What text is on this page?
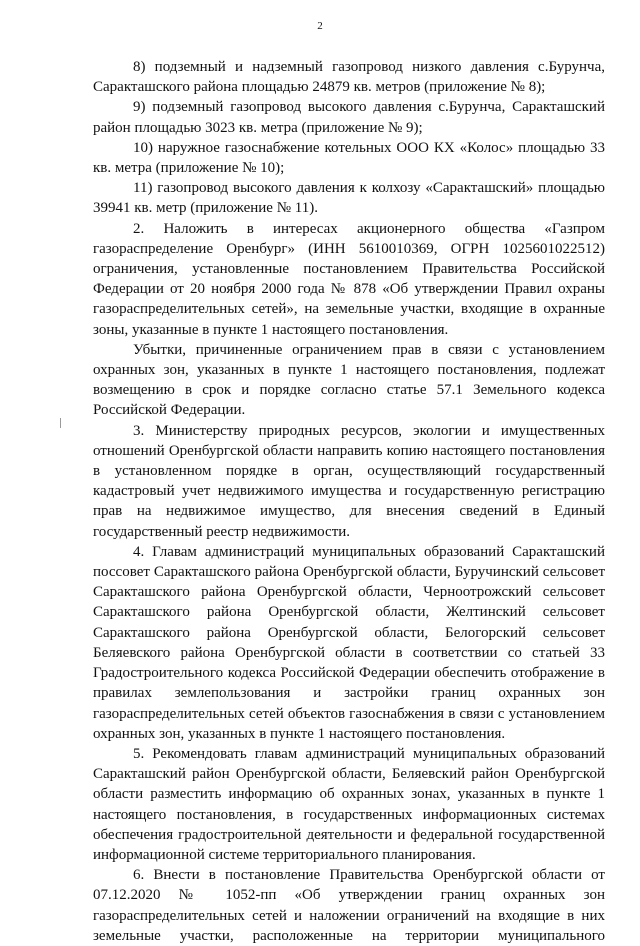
2

8) подземный и надземный газопровод низкого давления с.Бурунча, Саракташского района площадью 24879 кв. метров (приложение № 8);

9) подземный газопровод высокого давления с.Бурунча, Саракташский район площадью 3023 кв. метра (приложение № 9);

10) наружное газоснабжение котельных ООО КХ «Колос» площадью 33 кв. метра (приложение № 10);

11) газопровод высокого давления к колхозу «Саракташский» площадью 39941 кв. метр (приложение № 11).

2. Наложить в интересах акционерного общества «Газпром газораспределение Оренбург» (ИНН 5610010369, ОГРН 1025601022512) ограничения, установленные постановлением Правительства Российской Федерации от 20 ноября 2000 года № 878 «Об утверждении Правил охраны газораспределительных сетей», на земельные участки, входящие в охранные зоны, указанные в пункте 1 настоящего постановления.

Убытки, причиненные ограничением прав в связи с установлением охранных зон, указанных в пункте 1 настоящего постановления, подлежат возмещению в срок и порядке согласно статье 57.1 Земельного кодекса Российской Федерации.

3. Министерству природных ресурсов, экологии и имущественных отношений Оренбургской области направить копию настоящего постановления в установленном порядке в орган, осуществляющий государственный кадастровый учет недвижимого имущества и государственную регистрацию прав на недвижимое имущество, для внесения сведений в Единый государственный реестр недвижимости.

4. Главам администраций муниципальных образований Саракташский поссовет Саракташского района Оренбургской области, Буручинский сельсовет Саракташского района Оренбургской области, Черноотрожский сельсовет Саракташского района Оренбургской области, Желтинский сельсовет Саракташского района Оренбургской области, Белогорский сельсовет Беляевского района Оренбургской области в соответствии со статьей 33 Градостроительного кодекса Российской Федерации обеспечить отображение в правилах землепользования и застройки границ охранных зон газораспределительных сетей объектов газоснабжения в связи с установлением охранных зон, указанных в пункте 1 настоящего постановления.

5. Рекомендовать главам администраций муниципальных образований Саракташский район Оренбургской области, Беляевский район Оренбургской области разместить информацию об охранных зонах, указанных в пункте 1 настоящего постановления, в государственных информационных системах обеспечения градостроительной деятельности и федеральной государственной информационной системе территориального планирования.

6. Внести в постановление Правительства Оренбургской области от 07.12.2020 № 1052-пп «Об утверждении границ охранных зон газораспределительных сетей и наложении ограничений на входящие в них земельные участки, расположенные на территории муниципального
